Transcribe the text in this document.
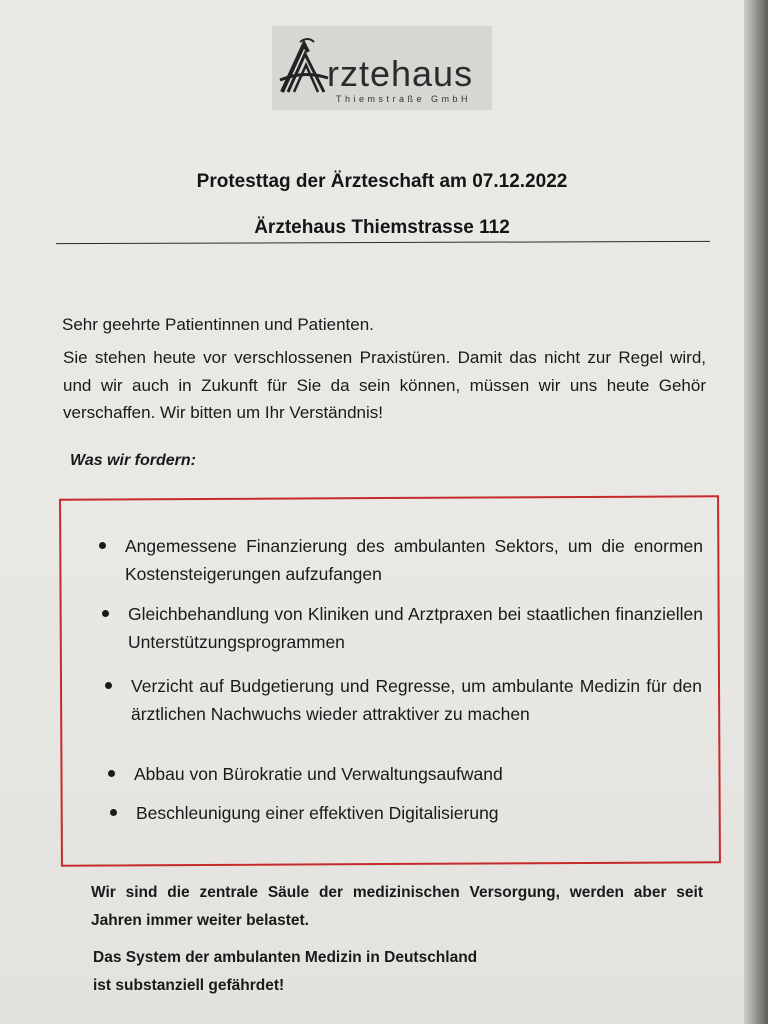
rztehaus
Thiemstraße GmbH
Protesttag der Ärzteschaft am 07.12.2022
Ärztehaus Thiemstrasse 112
Sehr geehrte Patientinnen und Patienten.
Sie stehen heute vor verschlossenen Praxistüren. Damit das nicht zur Regel wird, und wir auch in Zukunft für Sie da sein können, müssen wir uns heute Gehör verschaffen. Wir bitten um Ihr Verständnis!
Was wir fordern:
Angemessene Finanzierung des ambulanten Sektors, um die enormen Kostensteigerungen aufzufangen
Gleichbehandlung von Kliniken und Arztpraxen bei staatlichen finanziellen Unterstützungsprogrammen
Verzicht auf Budgetierung und Regresse, um ambulante Medizin für den ärztlichen Nachwuchs wieder attraktiver zu machen
Abbau von Bürokratie und Verwaltungsaufwand
Beschleunigung einer effektiven Digitalisierung
Wir sind die zentrale Säule der medizinischen Versorgung, werden aber seit Jahren immer weiter belastet.
Das System der ambulanten Medizin in Deutschland
ist substanziell gefährdet!
